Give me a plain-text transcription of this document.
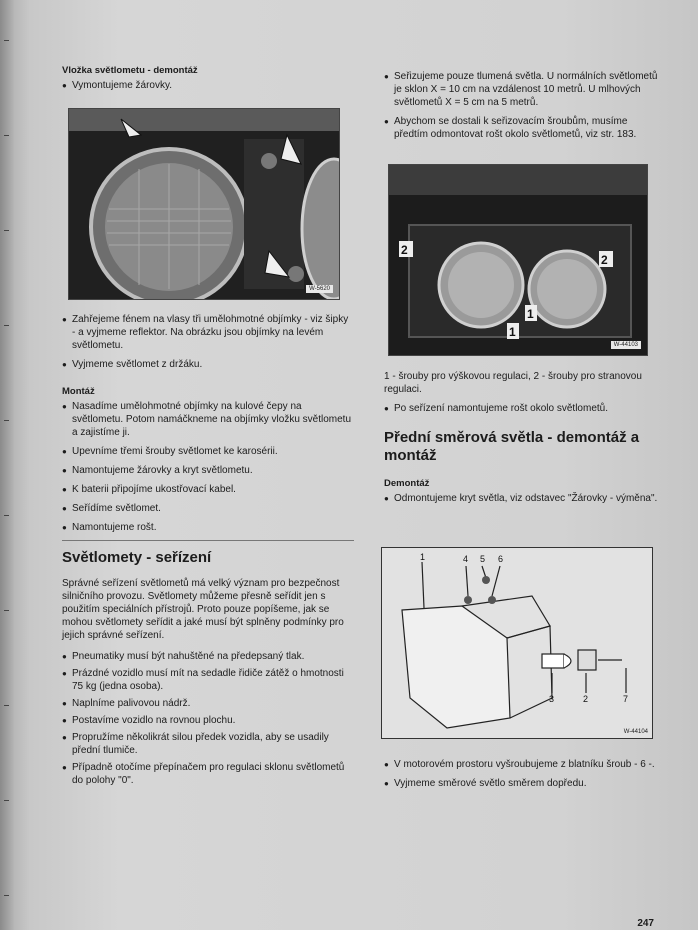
Vložka světlometu - demontáž

● Vymontujeme žárovky.

W-5620

● Zahřejeme fénem na vlasy tři umělohmotné objímky - viz šipky - a vyjmeme reflektor. Na obrázku jsou objímky na levém světlometu.

● Vyjmeme světlomet z držáku.

Montáž

● Nasadíme umělohmotné objímky na kulové čepy na světlometu. Potom namáčkneme na objímky vložku světlometu a zajistíme ji.

● Upevníme třemi šrouby světlomet ke karosérii.

● Namontujeme žárovky a kryt světlometu.

● K baterii připojíme ukostřovací kabel.

● Seřídíme světlomet.

● Namontujeme rošt.

Světlomety - seřízení

Správné seřízení světlometů má velký význam pro bezpečnost silničního provozu. Světlomety můžeme přesně seřídit jen s použitím speciálních přístrojů. Proto pouze popíšeme, jak se mohou světlomety seřídit a jaké musí být splněny podmínky pro jejich správné seřízení.

● Pneumatiky musí být nahuštěné na předepsaný tlak.

● Prázdné vozidlo musí mít na sedadle řidiče zátěž o hmotnosti 75 kg (jedna osoba).

● Naplníme palivovou nádrž.

● Postavíme vozidlo na rovnou plochu.

● Propružíme několikrát silou předek vozidla, aby se usadily přední tlumiče.

● Případně otočíme přepínačem pro regulaci sklonu světlometů do polohy "0".

● Seřizujeme pouze tlumená světla. U normálních světlometů je sklon X = 10 cm na vzdálenost 10 metrů. U mlhových světlometů X = 5 cm na 5 metrů.

● Abychom se dostali k seřizovacím šroubům, musíme předtím odmontovat rošt okolo světlometů, viz str. 183.

2
2
1
1
W-44103

1 - šrouby pro výškovou regulaci, 2 - šrouby pro stranovou regulaci.

● Po seřízení namontujeme rošt okolo světlometů.

Přední směrová světla - demontáž a montáž

Demontáž

● Odmontujeme kryt světla, viz odstavec "Žárovky - výměna".

1	4 5 6
3	2	7
W-44104

● V motorovém prostoru vyšroubujeme z blatníku šroub - 6 -.

● Vyjmeme směrové světlo směrem dopředu.

247
